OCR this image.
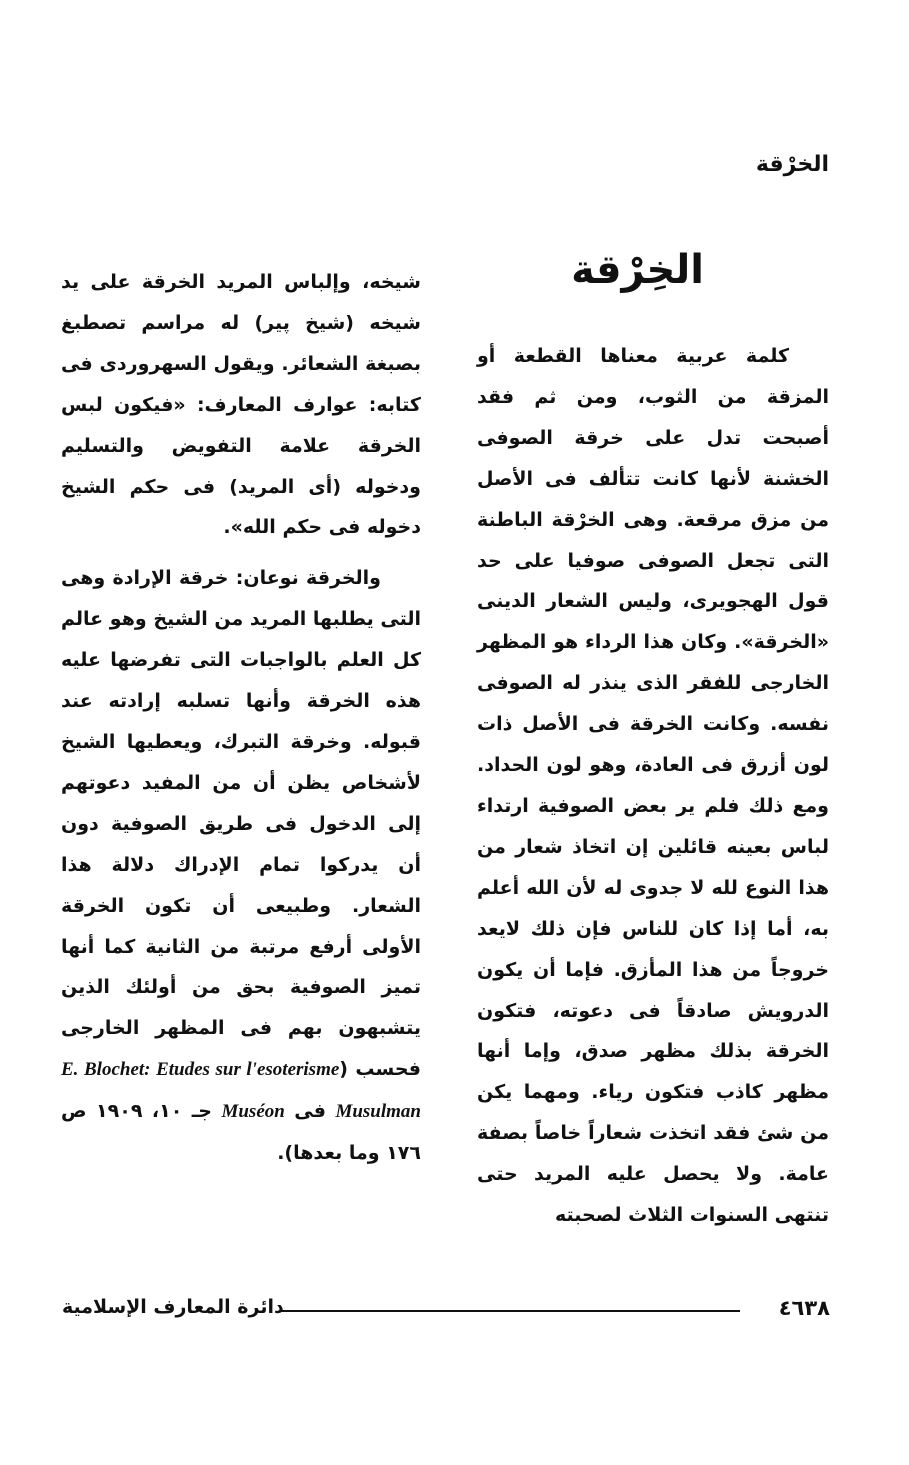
الخرْقة
الخِرْقة

كلمة عربية معناها القطعة أو المزقة من الثوب، ومن ثم فقد أصبحت تدل على خرقة الصوفى الخشنة لأنها كانت تتألف فى الأصل من مزق مرقعة. وهى الخرْقة الباطنة التى تجعل الصوفى صوفيا على حد قول الهجويرى، وليس الشعار الدينى «الخرقة». وكان هذا الرداء هو المظهر الخارجى للفقر الذى ينذر له الصوفى نفسه. وكانت الخرقة فى الأصل ذات لون أزرق فى العادة، وهو لون الحداد. ومع ذلك فلم ير بعض الصوفية ارتداء لباس بعينه قائلين إن اتخاذ شعار من هذا النوع لله لا جدوى له لأن الله أعلم به، أما إذا كان للناس فإن ذلك لايعد خروجاً من هذا المأزق. فإما أن يكون الدرويش صادقاً فى دعوته، فتكون الخرقة بذلك مظهر صدق، وإما أنها مظهر كاذب فتكون رياء. ومهما يكن من شئ فقد اتخذت شعاراً خاصاً بصفة عامة. ولا يحصل عليه المريد حتى تنتهى السنوات الثلاث لصحبته

شيخه، وإلباس المريد الخرقة على يد شيخه (شيخ پير) له مراسم تصطبغ بصبغة الشعائر. ويقول السهروردى فى كتابه: عوارف المعارف: «فيكون لبس الخرقة علامة التفويض والتسليم ودخوله (أى المريد) فى حكم الشيخ دخوله فى حكم الله».

والخرقة نوعان: خرقة الإرادة وهى التى يطلبها المريد من الشيخ وهو عالم كل العلم بالواجبات التى تفرضها عليه هذه الخرقة وأنها تسلبه إرادته عند قبوله. وخرقة التبرك، ويعطيها الشيخ لأشخاص يظن أن من المفيد دعوتهم إلى الدخول فى طريق الصوفية دون أن يدركوا تمام الإدراك دلالة هذا الشعار. وطبيعى أن تكون الخرقة الأولى أرفع مرتبة من الثانية كما أنها تميز الصوفية بحق من أولئك الذين يتشبهون بهم فى المظهر الخارجى فحسب (E. Blochet: Etudes sur l'esoterisme Musulman فى Muséon جـ ١٠، ١٩٠٩ ص ١٧٦ وما بعدها).

٤٦٣٨
دائرة المعارف الإسلامية
